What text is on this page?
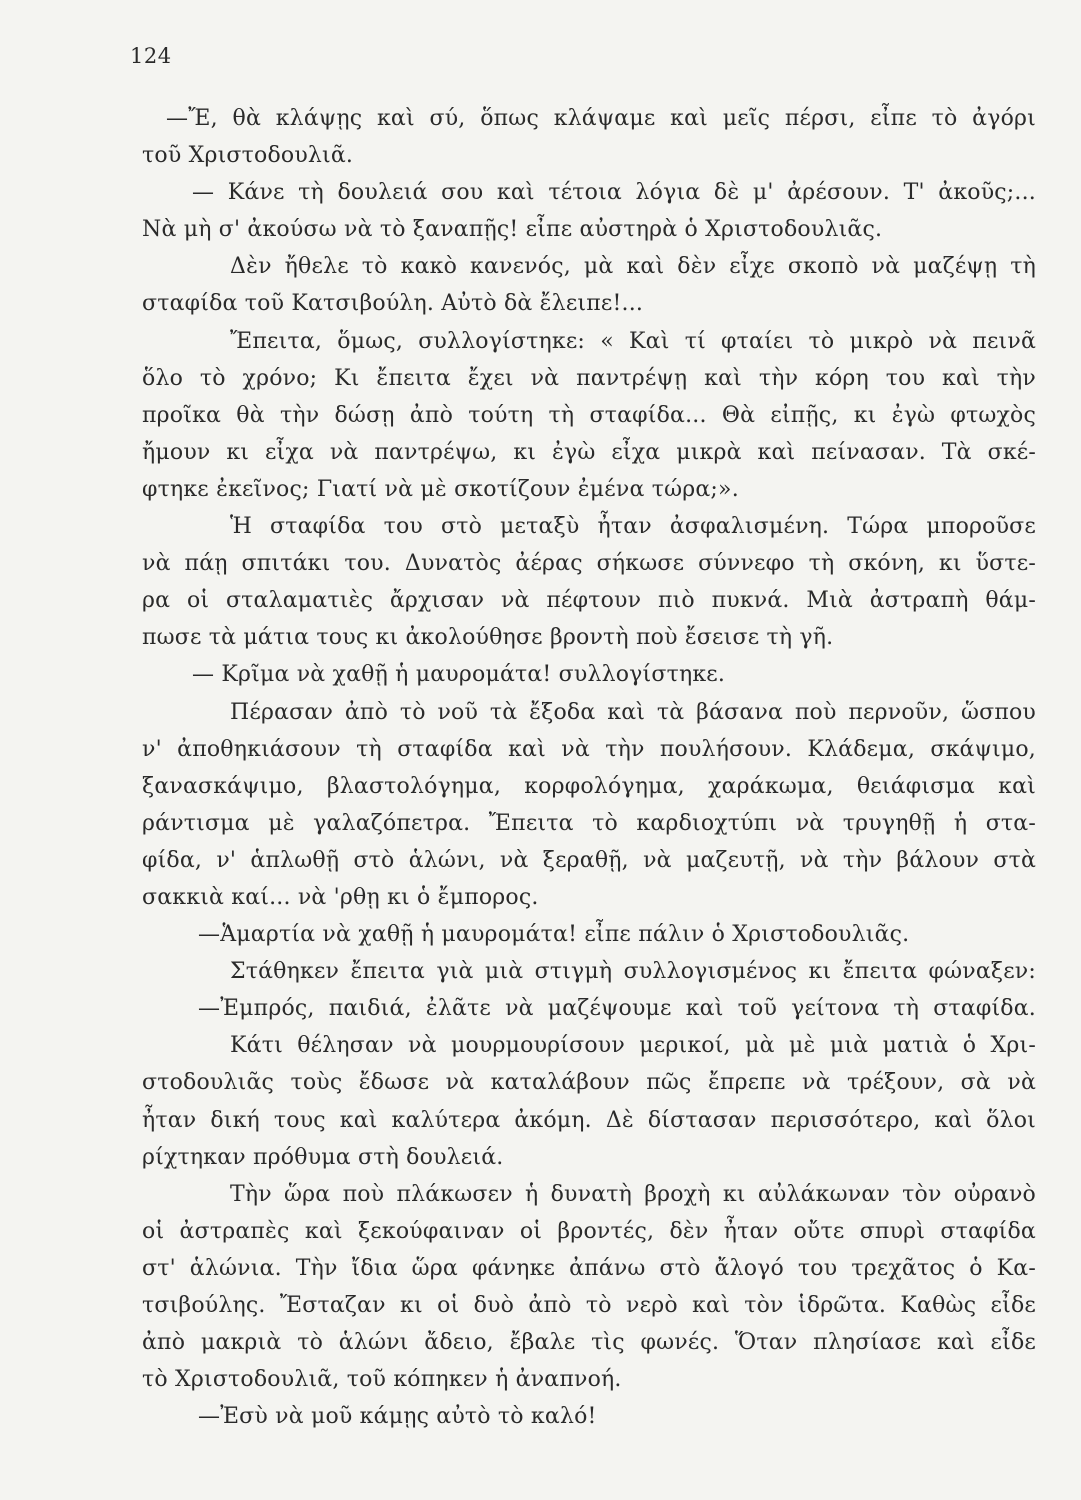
124
—Ἔ, θὰ κλάψῃς καὶ σύ, ὅπως κλάψαμε καὶ μεῖς πέρσι, εἶπε τὸ ἀγόρι
τοῦ Χριστοδουλιᾶ.
— Κάνε τὴ δουλειά σου καὶ τέτοια λόγια δὲ μ' ἀρέσουν. Τ' ἀκοῦς;...
Νὰ μὴ σ' ἀκούσω νὰ τὸ ξαναπῇς! εἶπε αὐστηρὰ ὁ Χριστοδουλιᾶς.
Δὲν ἤθελε τὸ κακὸ κανενός, μὰ καὶ δὲν εἶχε σκοπὸ νὰ μαζέψῃ τὴ
σταφίδα τοῦ Κατσιβούλη. Αὐτὸ δὰ ἔλειπε!...
Ἔπειτα, ὅμως, συλλογίστηκε: « Καὶ τί φταίει τὸ μικρὸ νὰ πεινᾶ
ὅλο τὸ χρόνο; Κι ἔπειτα ἔχει νὰ παντρέψῃ καὶ τὴν κόρη του καὶ τὴν
προῖκα θὰ τὴν δώσῃ ἀπὸ τούτη τὴ σταφίδα... Θὰ εἰπῇς, κι ἐγὼ φτωχὸς
ἤμουν κι εἶχα νὰ παντρέψω, κι ἐγὼ εἶχα μικρὰ καὶ πείνασαν. Τὰ σκέ-
φτηκε ἐκεῖνος; Γιατί νὰ μὲ σκοτίζουν ἐμένα τώρα;».
Ἡ σταφίδα του στὸ μεταξὺ ἦταν ἀσφαλισμένη. Τώρα μποροῦσε
νὰ πάῃ σπιτάκι του. Δυνατὸς ἀέρας σήκωσε σύννεφο τὴ σκόνη, κι ὕστε-
ρα οἱ σταλαματιὲς ἄρχισαν νὰ πέφτουν πιὸ πυκνά. Μιὰ ἀστραπὴ θάμ-
πωσε τὰ μάτια τους κι ἀκολούθησε βροντὴ ποὺ ἔσεισε τὴ γῆ.
— Κρῖμα νὰ χαθῇ ἡ μαυρομάτα! συλλογίστηκε.
Πέρασαν ἀπὸ τὸ νοῦ τὰ ἔξοδα καὶ τὰ βάσανα ποὺ περνοῦν, ὥσπου
ν' ἀποθηκιάσουν τὴ σταφίδα καὶ νὰ τὴν πουλήσουν. Κλάδεμα, σκάψιμο,
ξανασκάψιμο, βλαστολόγημα, κορφολόγημα, χαράκωμα, θειάφισμα καὶ
ράντισμα μὲ γαλαζόπετρα. Ἔπειτα τὸ καρδιοχτύπι νὰ τρυγηθῇ ἡ στα-
φίδα, ν' ἁπλωθῇ στὸ ἁλώνι, νὰ ξεραθῇ, νὰ μαζευτῇ, νὰ τὴν βάλουν στὰ
σακκιὰ καί... νὰ 'ρθῃ κι ὁ ἔμπορος.
—Ἁμαρτία νὰ χαθῇ ἡ μαυρομάτα! εἶπε πάλιν ὁ Χριστοδουλιᾶς.
Στάθηκεν ἔπειτα γιὰ μιὰ στιγμὴ συλλογισμένος κι ἔπειτα φώναξεν:
—Ἐμπρός, παιδιά, ἐλᾶτε νὰ μαζέψουμε καὶ τοῦ γείτονα τὴ σταφίδα.
Κάτι θέλησαν νὰ μουρμουρίσουν μερικοί, μὰ μὲ μιὰ ματιὰ ὁ Χρι-
στοδουλιᾶς τοὺς ἔδωσε νὰ καταλάβουν πῶς ἔπρεπε νὰ τρέξουν, σὰ νὰ
ἦταν δική τους καὶ καλύτερα ἀκόμη. Δὲ δίστασαν περισσότερο, καὶ ὅλοι
ρίχτηκαν πρόθυμα στὴ δουλειά.
Τὴν ὥρα ποὺ πλάκωσεν ἡ δυνατὴ βροχὴ κι αὐλάκωναν τὸν οὐρανὸ
οἱ ἀστραπὲς καὶ ξεκούφαιναν οἱ βροντές, δὲν ἦταν οὔτε σπυρὶ σταφίδα
στ' ἁλώνια. Τὴν ἴδια ὥρα φάνηκε ἀπάνω στὸ ἄλογό του τρεχᾶτος ὁ Κα-
τσιβούλης. Ἔσταζαν κι οἱ δυὸ ἀπὸ τὸ νερὸ καὶ τὸν ἱδρῶτα. Καθὼς εἶδε
ἀπὸ μακριὰ τὸ ἁλώνι ἄδειο, ἔβαλε τὶς φωνές. Ὅταν πλησίασε καὶ εἶδε
τὸ Χριστοδουλιᾶ, τοῦ κόπηκεν ἡ ἀναπνοή.
—Ἐσὺ νὰ μοῦ κάμῃς αὐτὸ τὸ καλό!
